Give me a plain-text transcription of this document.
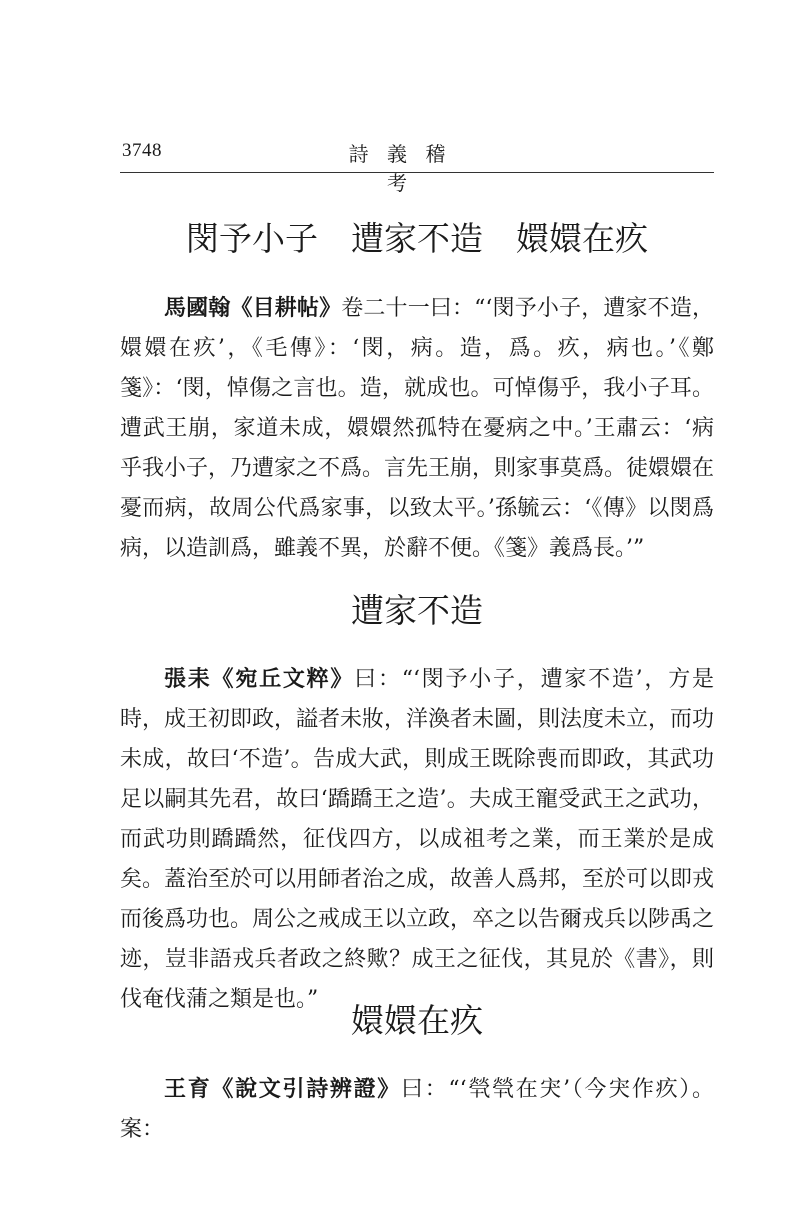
3748	詩 義 稽 考
閔予小子　遭家不造　嬛嬛在疚
馬國翰《目耕帖》卷二十一曰：“‘閔予小子，遭家不造，嬛嬛在疚’，《毛傳》：‘閔，病。造，爲。疚，病也。’《鄭箋》：‘閔，悼傷之言也。造，就成也。可悼傷乎，我小子耳。遭武王崩，家道未成，嬛嬛然孤特在憂病之中。’王肅云：‘病乎我小子，乃遭家之不爲。言先王崩，則家事莫爲。徒嬛嬛在憂而病，故周公代爲家事，以致太平。’孫毓云：‘《傳》以閔爲病，以造訓爲，雖義不異，於辭不便。《箋》義爲長。’”
遭家不造
張耒《宛丘文粹》曰：“‘閔予小子，遭家不造’，方是時，成王初即政，謚者未妝，洋渙者未圖，則法度未立，而功未成，故曰‘不造’。告成大武，則成王既除喪而即政，其武功足以嗣其先君，故曰‘蹻蹻王之造’。夫成王寵受武王之武功，而武功則蹻蹻然，征伐四方，以成祖考之業，而王業於是成矣。蓋治至於可以用師者治之成，故善人爲邦，至於可以即戎而後爲功也。周公之戒成王以立政，卒之以告爾戎兵以陟禹之迹，豈非語戎兵者政之終歟？成王之征伐，其見於《書》，則伐奄伐蒲之類是也。”
嬛嬛在疚
王育《說文引詩辨證》曰：“‘煢煢在宊’（今宊作疚）。案：
